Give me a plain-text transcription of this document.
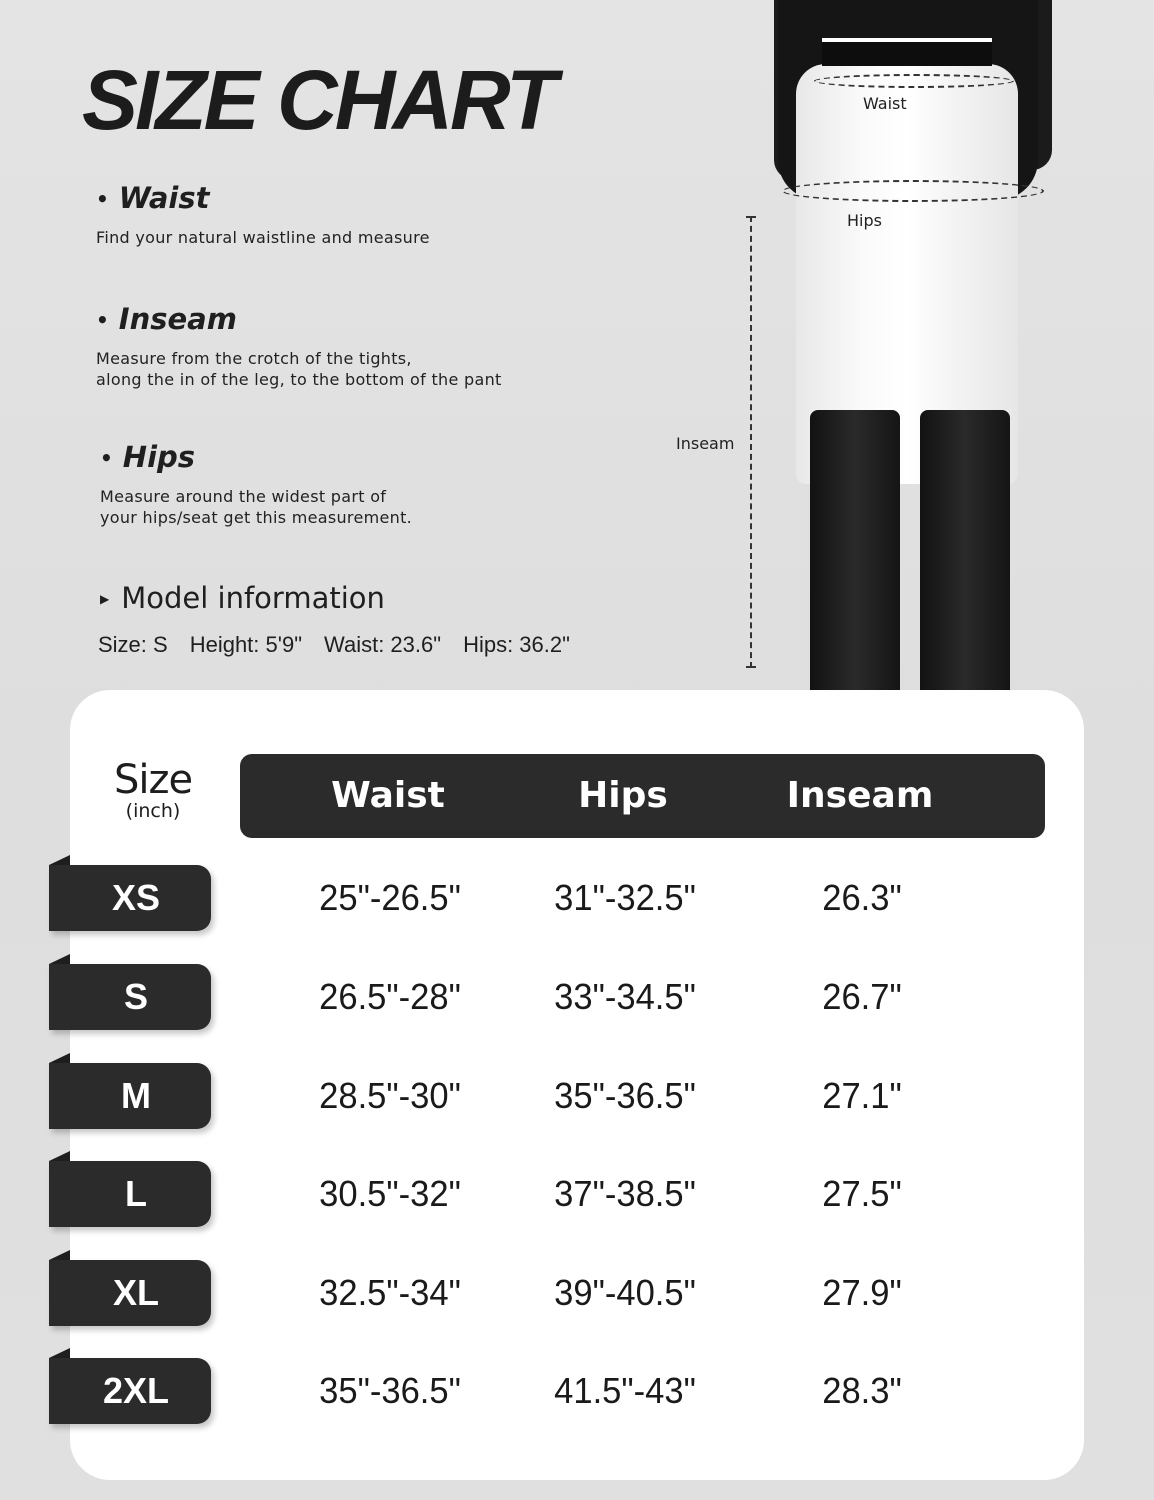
SIZE CHART
• Waist
Find your natural waistline and measure
• Inseam
Measure from the crotch of the tights,
along the in of the leg, to the bottom of the pant
• Hips
Measure around the widest part of
your hips/seat get this measurement.
▶ Model information
Size: S Height: 5'9" Waist: 23.6" Hips: 36.2"
Waist
Hips
Inseam
Size
(inch)	Waist	Hips	Inseam
XS	25"-26.5"	31"-32.5"	26.3"
S	26.5"-28"	33"-34.5"	26.7"
M	28.5"-30"	35"-36.5"	27.1"
L	30.5"-32"	37"-38.5"	27.5"
XL	32.5"-34"	39"-40.5"	27.9"
2XL	35"-36.5"	41.5"-43"	28.3"
